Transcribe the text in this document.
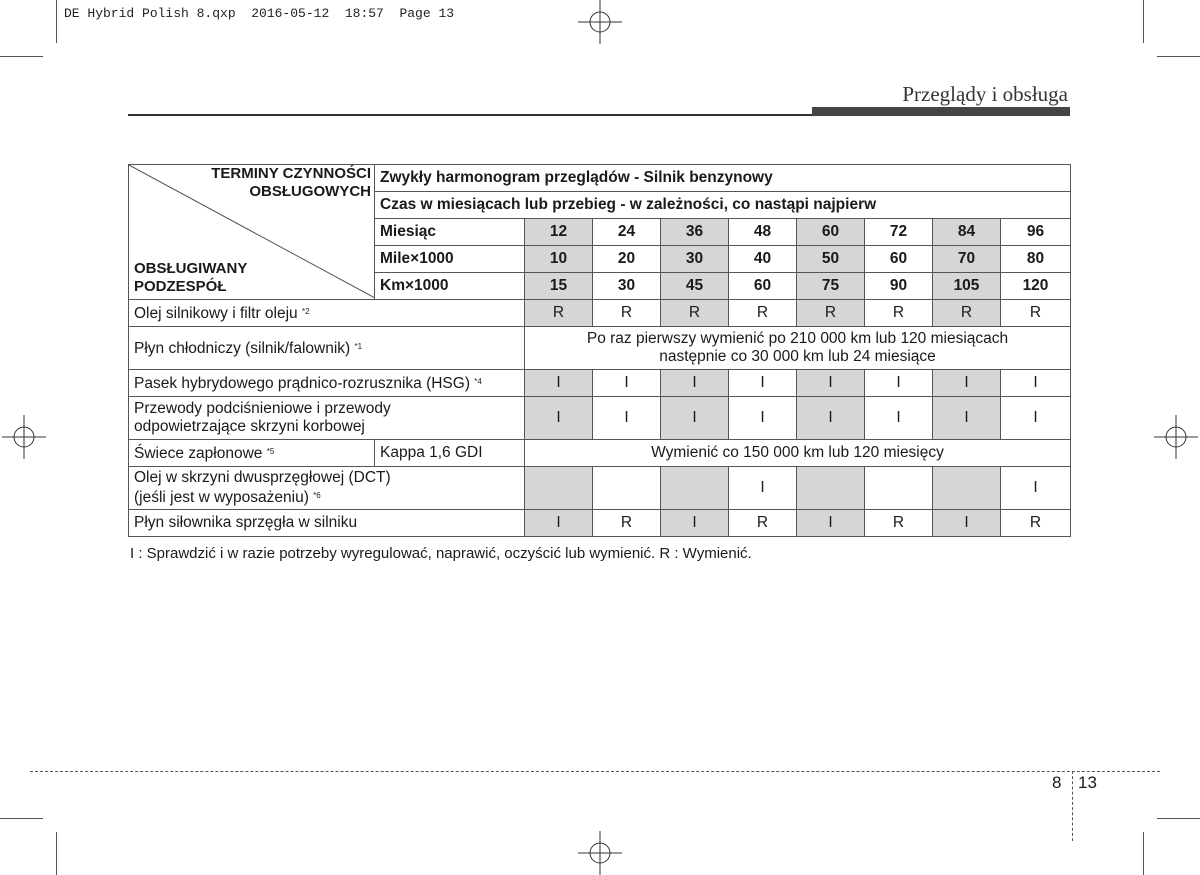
DE Hybrid Polish 8.qxp  2016-05-12  18:57  Page 13
Przeglądy i obsługa
TERMINY CZYNNOŚCI
OBSŁUGOWYCH
OBSŁUGIWANY
PODZESPÓŁ	Zwykły harmonogram przeglądów - Silnik benzynowy								
	Czas w miesiącach lub przebieg - w zależności, co nastąpi najpierw								
	Miesiąc	12	24	36	48	60	72	84	96
	Mile×1000	10	20	30	40	50	60	70	80
	Km×1000	15	30	45	60	75	90	105	120
Olej silnikowy i filtr oleju $^{*2}$		R	R	R	R	R	R	R	R
Płyn chłodniczy (silnik/falownik) $^{*1}$		Po raz pierwszy wymienić po 210 000 km lub 120 miesiącach
następnie co 30 000 km lub 24 miesiące							

Pasek hybrydowego prądnico-rozrusznika (HSG) $^{*4}$		I	I	I	I	I	I	I	I

Przewody podciśnieniowe i przewody
odpowietrzające skrzyni korbowej		I	I	I	I	I	I	I	I
Świece zapłonowe $^{*5}$	Kappa 1,6 GDI	Wymienić co 150 000 km lub 120 miesięcy							

Olej w skrzyni dwusprzęgłowej (DCT)
(jeśli jest w wyposażeniu) $^{*6}$					I				I
Płyn siłownika sprzęgła w silniku		I	R	I	R	I	R	I	R
I : Sprawdzić i w razie potrzeby wyregulować, naprawić, oczyścić lub wymienić. R : Wymienić.
8 13
